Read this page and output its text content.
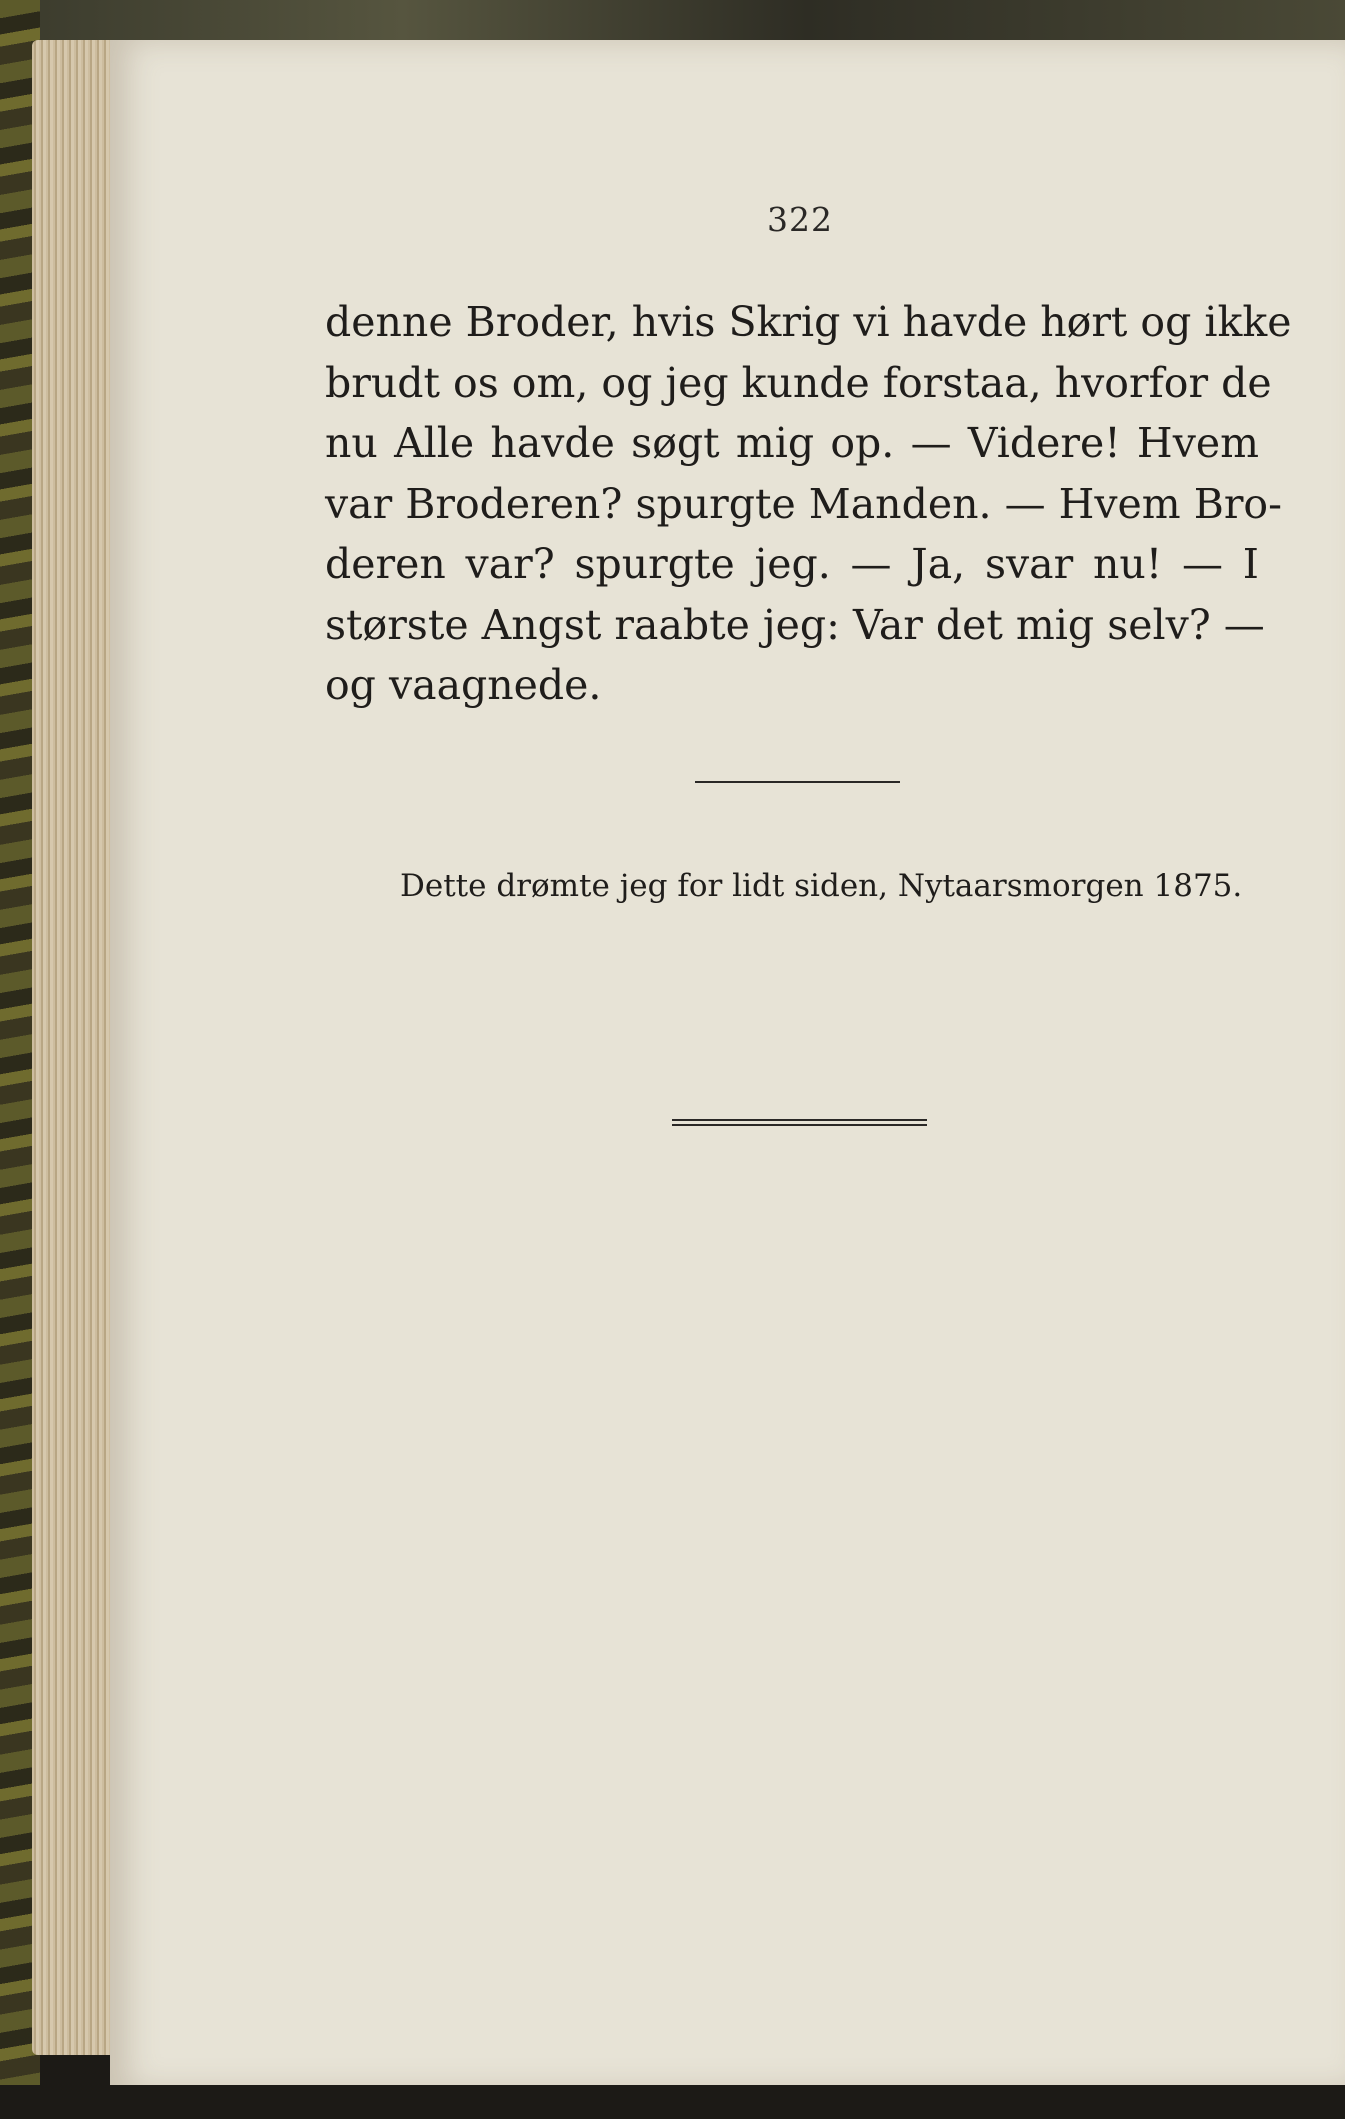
322
denne Broder, hvis Skrig vi havde hørt og ikke
brudt os om, og jeg kunde forstaa, hvorfor de
nu Alle havde søgt mig op. — Videre! Hvem
var Broderen? spurgte Manden. — Hvem Bro-
deren var? spurgte jeg. — Ja, svar nu! — I
største Angst raabte jeg: Var det mig selv? —
og vaagnede.
Dette drømte jeg for lidt siden, Nytaarsmorgen 1875.
